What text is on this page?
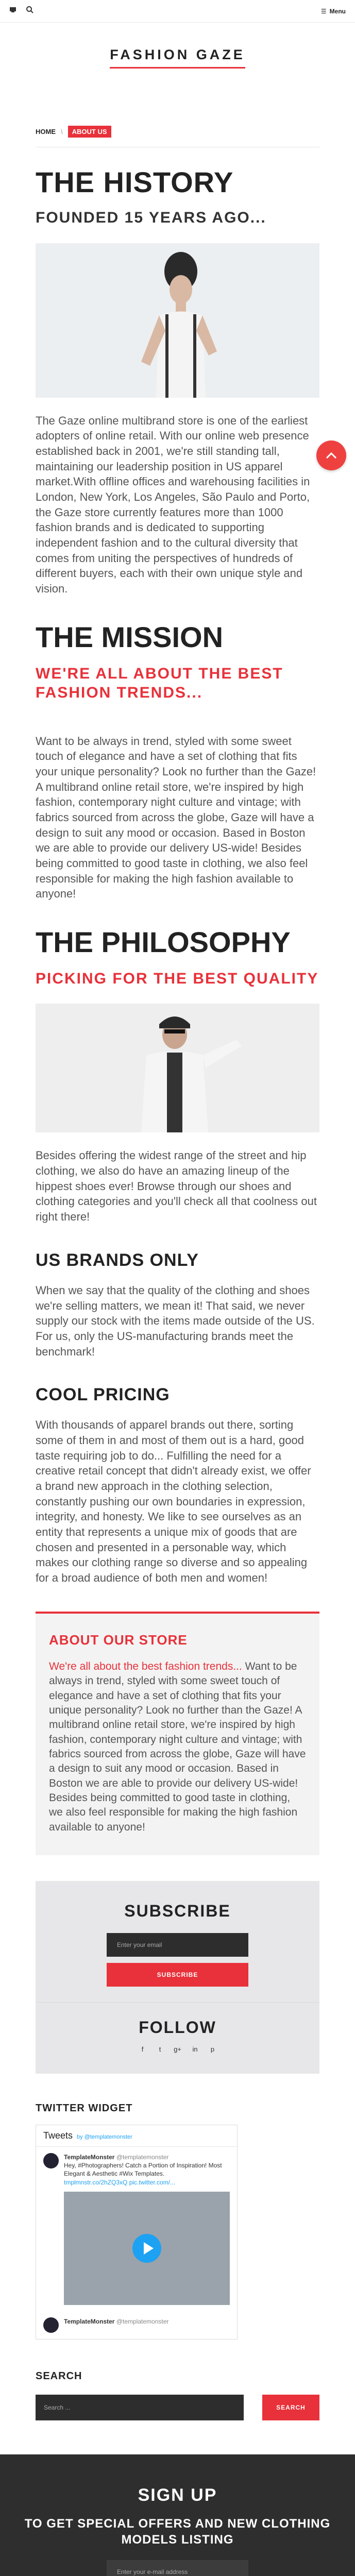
☰ Menu
FASHION GAZE
HOME \	ABOUT US
THE HISTORY
FOUNDED 15 YEARS AGO...

The Gaze online multibrand store is one of the earliest adopters of online retail. With our online web presence established back in 2001, we're still standing tall, maintaining our leadership position in US apparel market.With offline offices and warehousing facilities in London, New York, Los Angeles, São Paulo and Porto, the Gaze store currently features more than 1000 fashion brands and is dedicated to supporting independent fashion and to the cultural diversity that comes from uniting the perspectives of hundreds of different buyers, each with their own unique style and vision.

THE MISSION
WE'RE ALL ABOUT THE BEST FASHION TRENDS...

Want to be always in trend, styled with some sweet touch of elegance and have a set of clothing that fits your unique personality? Look no further than the Gaze! A multibrand online retail store, we're inspired by high fashion, contemporary night culture and vintage; with fabrics sourced from across the globe, Gaze will have a design to suit any mood or occasion. Based in Boston we are able to provide our delivery US-wide! Besides being committed to good taste in clothing, we also feel responsible for making the high fashion available to anyone!

THE PHILOSOPHY
PICKING FOR THE BEST QUALITY

Besides offering the widest range of the street and hip clothing, we also do have an amazing lineup of the hippest shoes ever! Browse through our shoes and clothing categories and you'll check all that coolness out right there!

US BRANDS ONLY

When we say that the quality of the clothing and shoes we're selling matters, we mean it! That said, we never supply our stock with the items made outside of the US. For us, only the US-manufacturing brands meet the benchmark!

COOL PRICING

With thousands of apparel brands out there, sorting some of them in and most of them out is a hard, good taste requiring job to do... Fulfilling the need for a creative retail concept that didn't already exist, we offer a brand new approach in the clothing selection, constantly pushing our own boundaries in expression, integrity, and honesty. We like to see ourselves as an entity that represents a unique mix of goods that are chosen and presented in a personable way, which makes our clothing range so diverse and so appealing for a broad audience of both men and women!

ABOUT OUR STORE

We're all about the best fashion trends... Want to be always in trend, styled with some sweet touch of elegance and have a set of clothing that fits your unique personality? Look no further than the Gaze! A multibrand online retail store, we're inspired by high fashion, contemporary night culture and vintage; with fabrics sourced from across the globe, Gaze will have a design to suit any mood or occasion. Based in Boston we are able to provide our delivery US-wide! Besides being committed to good taste in clothing, we also feel responsible for making the high fashion available to anyone!

SUBSCRIBE
Enter your email
SUBSCRIBE
FOLLOW
f	t	g+	in	p
TWITTER WIDGET
Tweets by @templatemonster
TemplateMonster @templatemonster
Hey, #Photographers! Catch a Portion of Inspiration! Most Elegant & Aesthetic #Wix Templates.
tmplmnstr.co/2hZQ3xQ pic.twitter.com/...
TemplateMonster @templatemonster
SEARCH
Search ...	SEARCH
SIGN UP
TO GET SPECIAL OFFERS AND NEW CLOTHING MODELS LISTING
Enter your e-mail address
